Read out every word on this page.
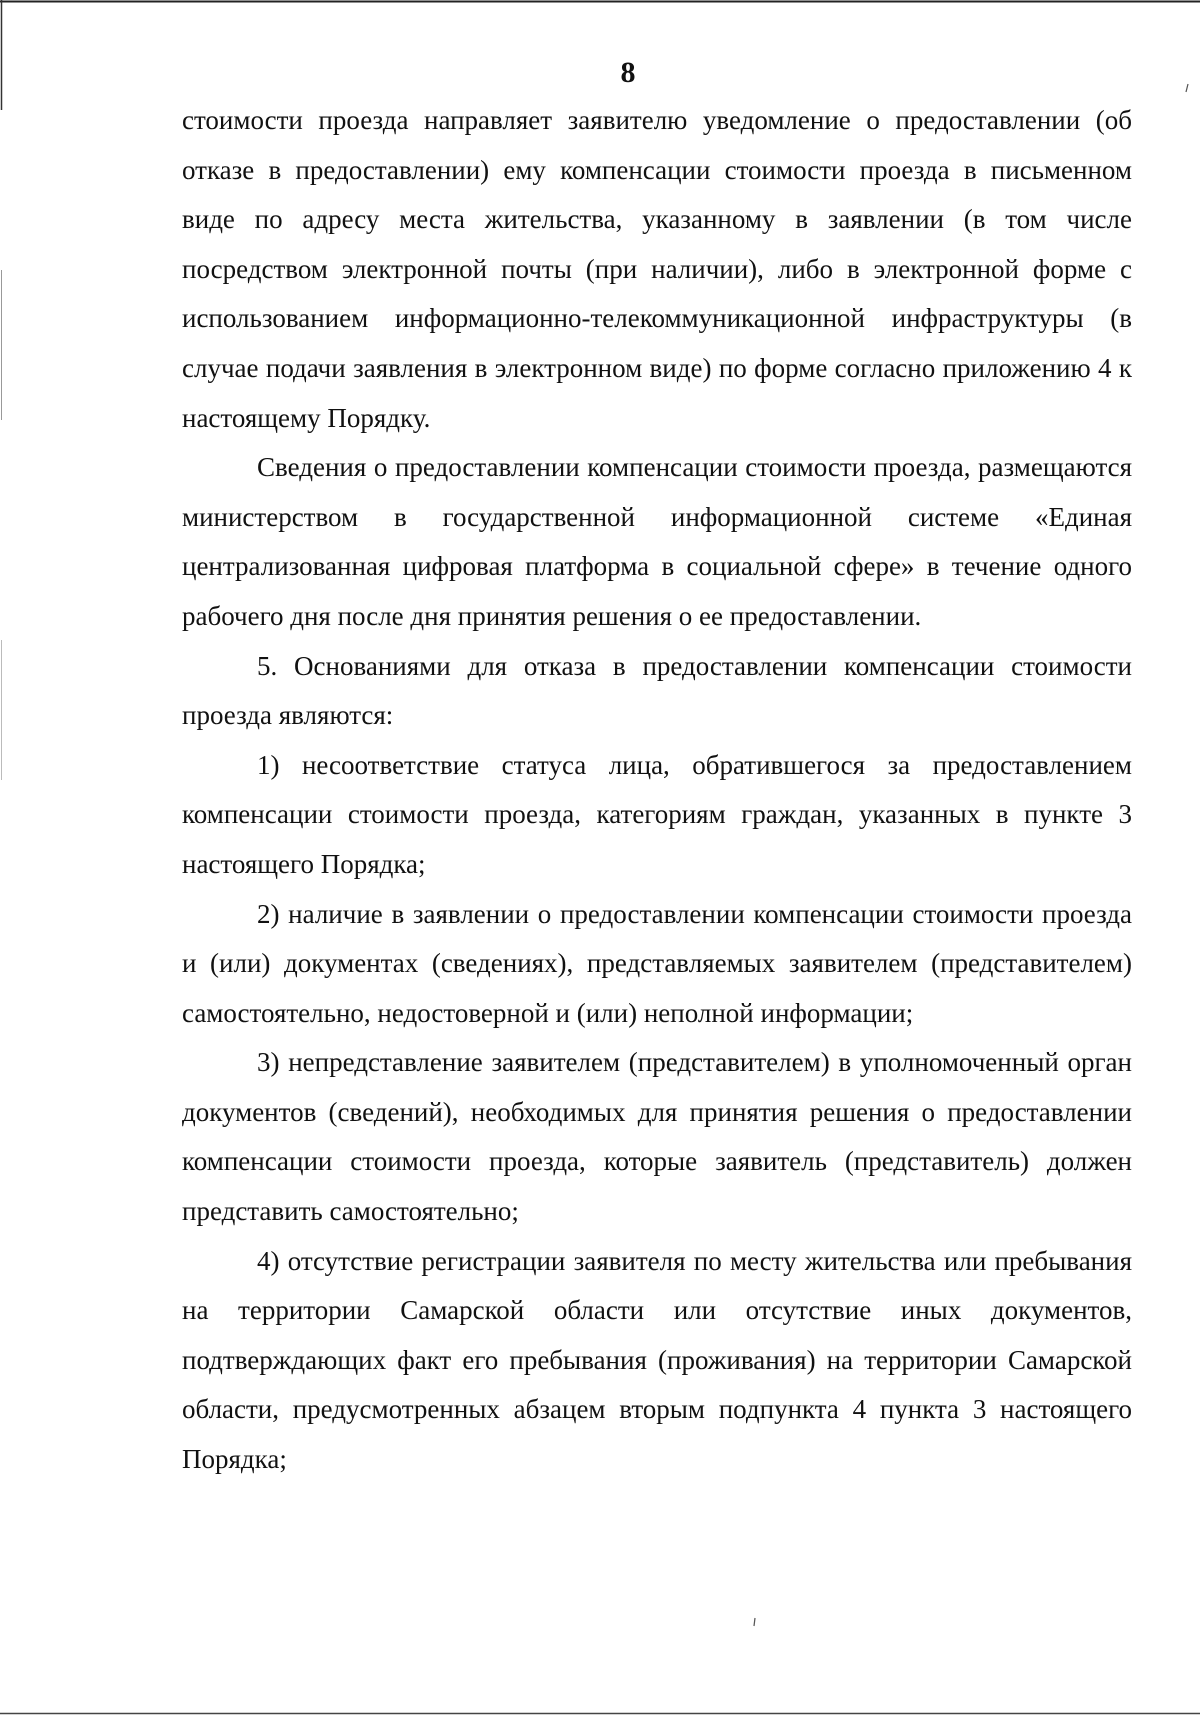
8

стоимости проезда направляет заявителю уведомление о предоставлении (об отказе в предоставлении) ему компенсации стоимости проезда в письменном виде по адресу места жительства, указанному в заявлении (в том числе посредством электронной почты (при наличии), либо в электронной форме с использованием информационно-телекоммуникационной инфраструктуры (в случае подачи заявления в электронном виде) по форме согласно приложению 4 к настоящему Порядку.

Сведения о предоставлении компенсации стоимости проезда, размещаются министерством в государственной информационной системе «Единая централизованная цифровая платформа в социальной сфере» в течение одного рабочего дня после дня принятия решения о ее предоставлении.

5. Основаниями для отказа в предоставлении компенсации стоимости проезда являются:

1) несоответствие статуса лица, обратившегося за предоставлением компенсации стоимости проезда, категориям граждан, указанных в пункте 3 настоящего Порядка;

2) наличие в заявлении о предоставлении компенсации стоимости проезда и (или) документах (сведениях), представляемых заявителем (представителем) самостоятельно, недостоверной и (или) неполной информации;

3) непредставление заявителем (представителем) в уполномоченный орган документов (сведений), необходимых для принятия решения о предоставлении компенсации стоимости проезда, которые заявитель (представитель) должен представить самостоятельно;

4) отсутствие регистрации заявителя по месту жительства или пребывания на территории Самарской области или отсутствие иных документов, подтверждающих факт его пребывания (проживания) на территории Самарской области, предусмотренных абзацем вторым подпункта 4 пункта 3 настоящего Порядка;
